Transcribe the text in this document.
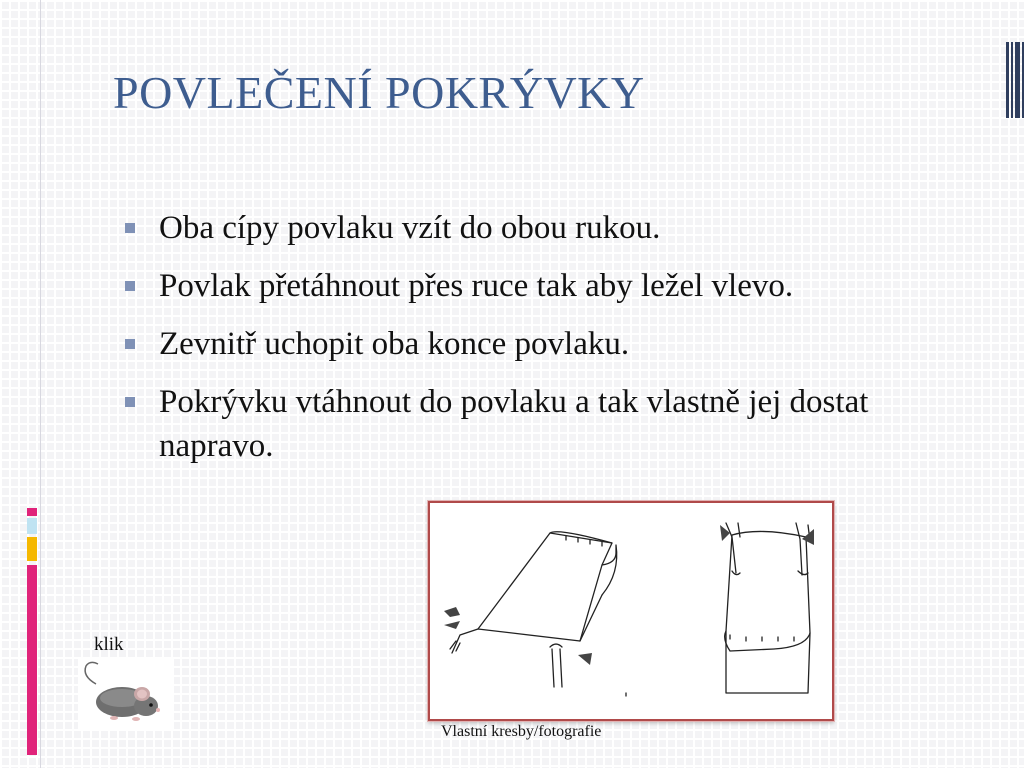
POVLEČENÍ POKRÝVKY
Oba cípy povlaku vzít do obou rukou.
Povlak přetáhnout přes ruce tak aby ležel vlevo.
Zevnitř uchopit oba konce povlaku.
Pokrývku vtáhnout do povlaku a tak vlastně jej dostat napravo.
klik
Vlastní kresby/fotografie
